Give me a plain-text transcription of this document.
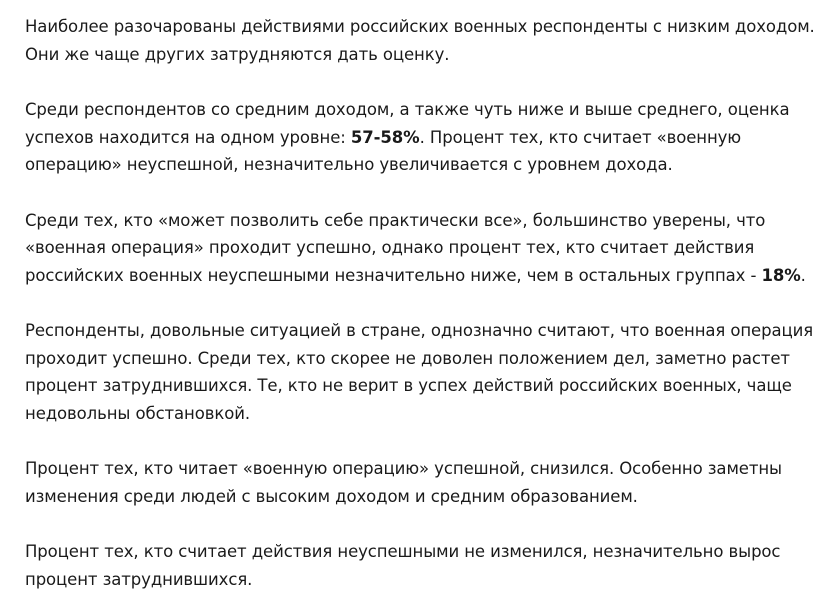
Наиболее разочарованы действиями российских военных респонденты с низким доходом. Они же чаще других затрудняются дать оценку.

Среди респондентов со средним доходом, а также чуть ниже и выше среднего, оценка успехов находится на одном уровне: 57-58%. Процент тех, кто считает «военную операцию» неуспешной, незначительно увеличивается с уровнем дохода.

Среди тех, кто «может позволить себе практически все», большинство уверены, что «военная операция» проходит успешно, однако процент тех, кто считает действия российских военных неуспешными незначительно ниже, чем в остальных группах - 18%.

Респонденты, довольные ситуацией в стране, однозначно считают, что военная операция проходит успешно. Среди тех, кто скорее не доволен положением дел, заметно растет процент затруднившихся. Те, кто не верит в успех действий российских военных, чаще недовольны обстановкой.

Процент тех, кто читает «военную операцию» успешной, снизился. Особенно заметны изменения среди людей с высоким доходом и средним образованием.

Процент тех, кто считает действия неуспешными не изменился, незначительно вырос процент затруднившихся.
